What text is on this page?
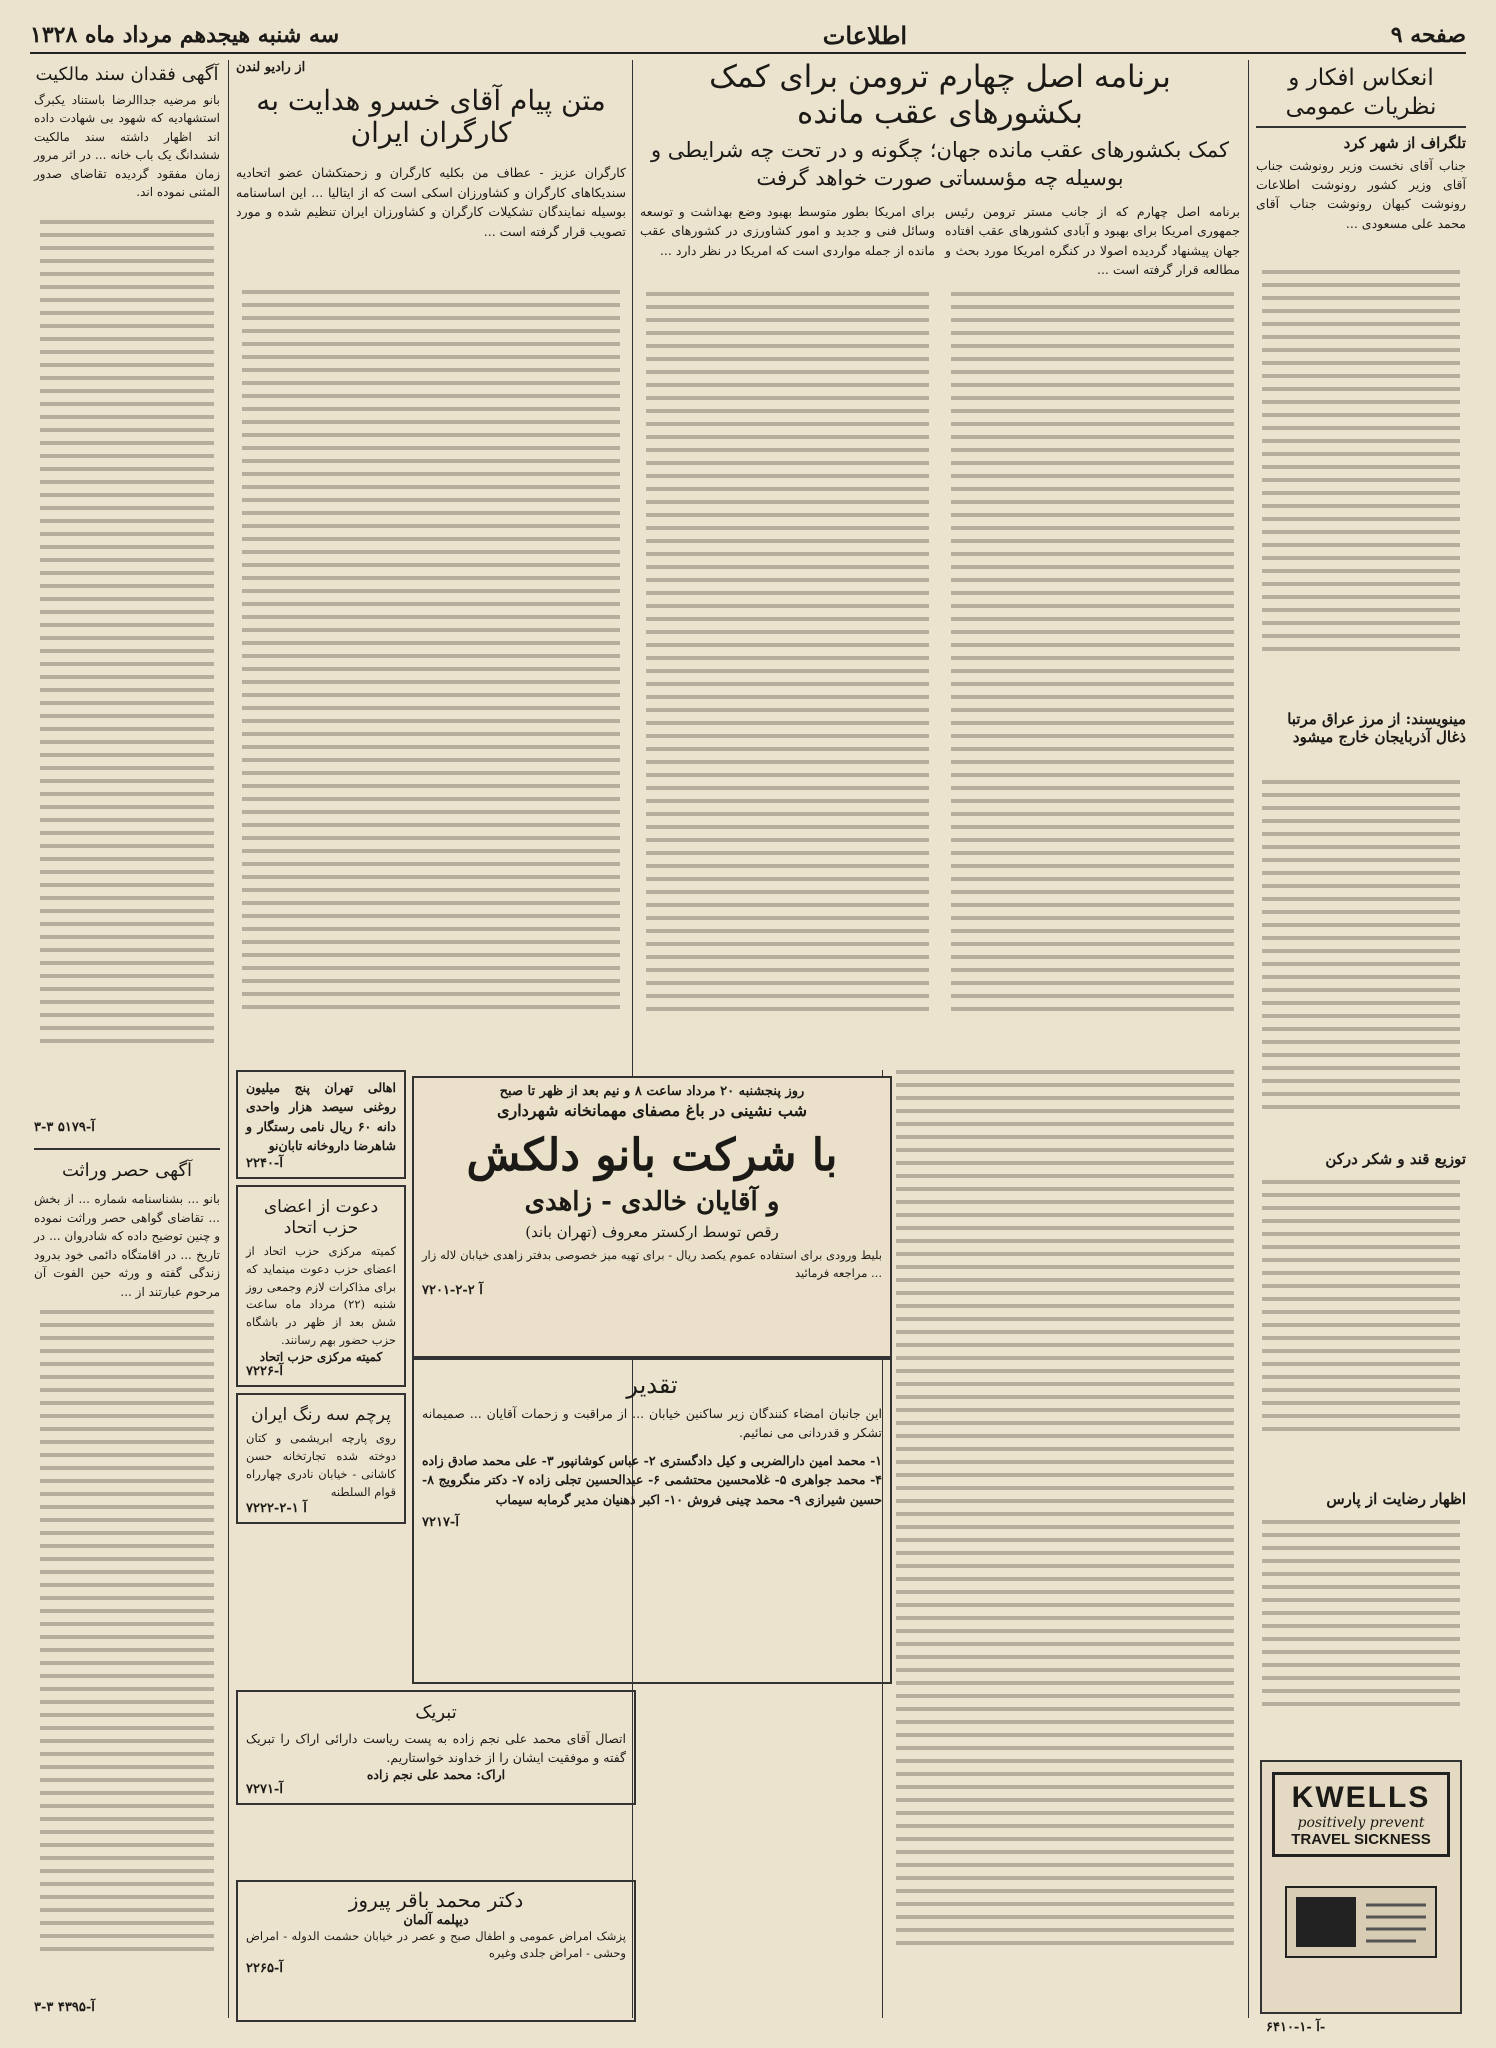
صفحه ۹
اطلاعات
سه شنبه هیجدهم مرداد ماه ۱۳۲۸
انعکاس افکار و نظریات عمومی
تلگراف از شهر کرد
جناب آقای نخست وزیر رونوشت جناب آقای وزیر کشور رونوشت اطلاعات رونوشت کیهان رونوشت جناب آقای محمد علی مسعودی ...
مینویسند: از مرز عراق مرتبا ذغال آذربایجان خارج میشود
توزیع قند و شکر درکن
اظهار رضایت از پارس
KWELLS
positively prevent
TRAVEL SICKNESS
۶۴۱۰-آ -۱-
برنامه اصل چهارم ترومن برای کمک بکشورهای عقب مانده
کمک بکشورهای عقب مانده جهان؛ چگونه و در تحت چه شرایطی و بوسیله چه مؤسساتی صورت خواهد گرفت
برنامه اصل چهارم که از جانب مستر ترومن رئیس جمهوری امریکا برای بهبود و آبادی کشورهای عقب افتاده جهان پیشنهاد گردیده اصولا در کنگره امریکا مورد بحث و مطالعه قرار گرفته است ...
برای امریکا بطور متوسط بهبود وضع بهداشت و توسعه وسائل فنی و جدید و امور کشاورزی در کشورهای عقب مانده از جمله مواردی است که امریکا در نظر دارد ...
روز پنجشنبه ۲۰ مرداد ساعت ۸ و نیم بعد از ظهر تا صبح
شب نشینی در باغ مصفای مهمانخانه شهرداری
با شرکت بانو دلکش
و آقایان خالدی - زاهدی
رقص توسط ارکستر معروف (تهران باند)
بلیط ورودی برای استفاده عموم یکصد ریال - برای تهیه میز خصوصی بدفتر زاهدی خیابان لاله زار ... مراجعه فرمائید
۷۲۰۱-آ ۲-۲
تقدیر
این جانبان امضاء کنندگان زیر ساکنین خیابان ... از مراقبت و زحمات آقایان ... صمیمانه تشکر و قدردانی می نمائیم.
۱- محمد امین دارالضربی و کیل دادگستری ۲- عباس کوشانپور ۳- علی محمد صادق زاده ۴- محمد جواهری ۵- غلامحسین محتشمی ۶- عبدالحسین تجلی زاده ۷- دکتر منگرویج ۸- حسین شیرازی ۹- محمد چینی فروش ۱۰- اکبر ذهنیان مدیر گرمابه سیماب
۷۲۱۷-آ
از رادیو لندن
متن پیام آقای خسرو هدایت به کارگران ایران
کارگران عزیز - عطاف من بکلیه کارگران و زحمتکشان عضو اتحادیه سندیکاهای کارگران و کشاورزان اسکی است که از ایتالیا ... این اساسنامه بوسیله نمایندگان تشکیلات کارگران و کشاورزان ایران تنظیم شده و مورد تصویب قرار گرفته است ...
اهالی تهران پنج میلیون روغنی سیصد هزار واحدی دانه ۶۰ ریال نامی رستگار و شاهرضا داروخانه تابان‌نو
۲۲۴۰-آ
دعوت از اعضای حزب اتحاد
کمیته مرکزی حزب اتحاد از اعضای حزب دعوت مینماید که برای مذاکرات لازم وجمعی روز شنبه (۲۲) مرداد ماه ساعت شش بعد از ظهر در باشگاه حزب حضور بهم رسانند.
کمیته مرکزی حزب اتحاد
۷۲۲۶-آ
پرچم سه رنگ ایران
روی پارچه ابریشمی و کتان دوخته شده تجارتخانه حسن کاشانی - خیابان نادری چهارراه قوام السلطنه
۷۲۲۲-آ ۱-۲
تبریک
اتصال آقای محمد علی نجم زاده به پست ریاست دارائی اراک را تبریک گفته و موفقیت ایشان را از خداوند خواستاریم.
اراک: محمد علی نجم زاده
۷۲۷۱-آ
دکتر محمد باقر پیروز
دیپلمه آلمان
پزشک امراض عمومی و اطفال صبح و عصر در خیابان حشمت الدوله - امراض وحشی - امراض جلدی وغیره
۲۲۶۵-آ
آگهی فقدان سند مالکیت
بانو مرضیه جداالرضا باستناد یکبرگ استشهادیه که شهود بی شهادت داده اند اظهار داشته سند مالکیت ششدانگ یک باب خانه ... در اثر مرور زمان مفقود گردیده تقاضای صدور المثنی نموده اند.
۳-۳ ۵۱۷۹-آ
آگهی حصر وراثت
بانو ... بشناسنامه شماره ... از بخش ... تقاضای گواهی حصر وراثت نموده و چنین توضیح داده که شادروان ... در تاریخ ... در اقامتگاه دائمی خود بدرود زندگی گفته و ورثه حین الفوت آن مرحوم عبارتند از ...
۳-۳ ۴۳۹۵-آ
